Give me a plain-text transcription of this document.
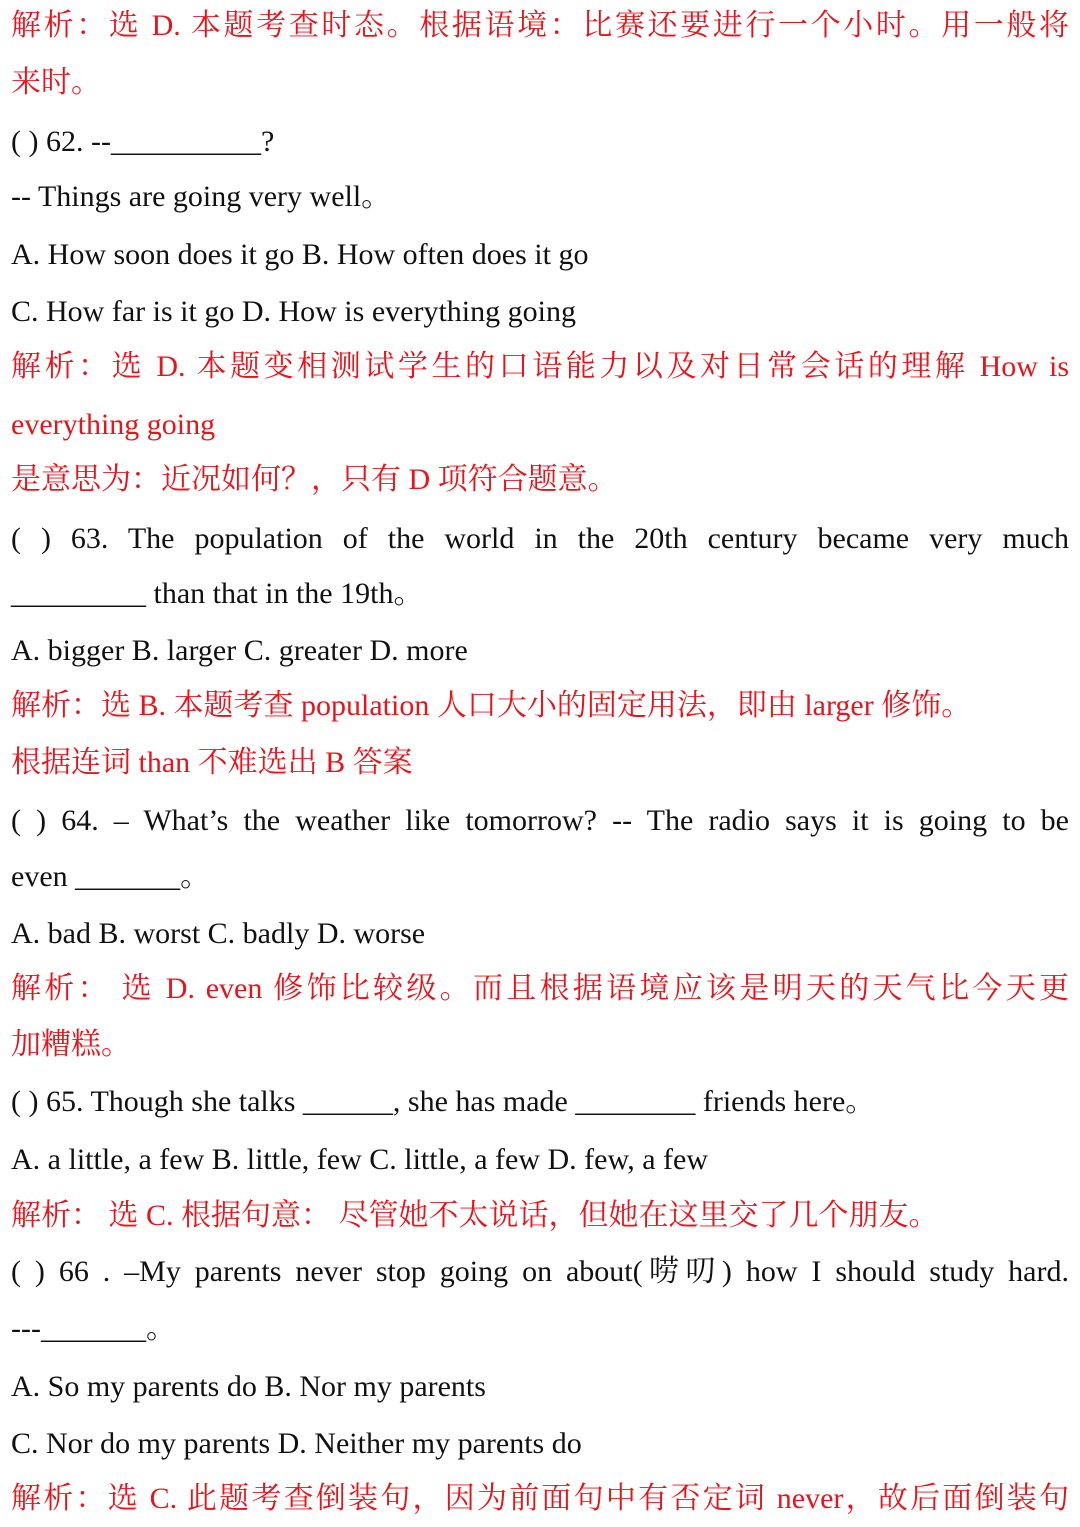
解析：选 D. 本题考查时态。根据语境：比赛还要进行一个小时。用一般将
来时。
( ) 62. --__________?
-- Things are going very well。
A. How soon does it go B. How often does it go
C. How far is it go D. How is everything going
解析：选 D. 本题变相测试学生的口语能力以及对日常会话的理解 How is
everything going
是意思为：近况如何？，只有 D 项符合题意。
( ) 63. The population of the world in the 20th century became very much
_________ than that in the 19th。
A. bigger B. larger C. greater D. more
解析：选 B. 本题考查 population 人口大小的固定用法，即由 larger 修饰。
根据连词 than 不难选出 B 答案
( ) 64. – What’s the weather like tomorrow? -- The radio says it is going to be
even _______。
A. bad B. worst C. badly D. worse
解析： 选 D. even 修饰比较级。而且根据语境应该是明天的天气比今天更
加糟糕。
( ) 65. Though she talks ______, she has made ________ friends here。
A. a little, a few B. little, few C. little, a few D. few, a few
解析： 选 C. 根据句意： 尽管她不太说话，但她在这里交了几个朋友。
( ) 66 . –My parents never stop going on about(唠叨) how I should study hard.
---_______。
A. So my parents do B. Nor my parents
C. Nor do my parents D. Neither my parents do
解析：选 C. 此题考查倒装句，因为前面句中有否定词 never，故后面倒装句
